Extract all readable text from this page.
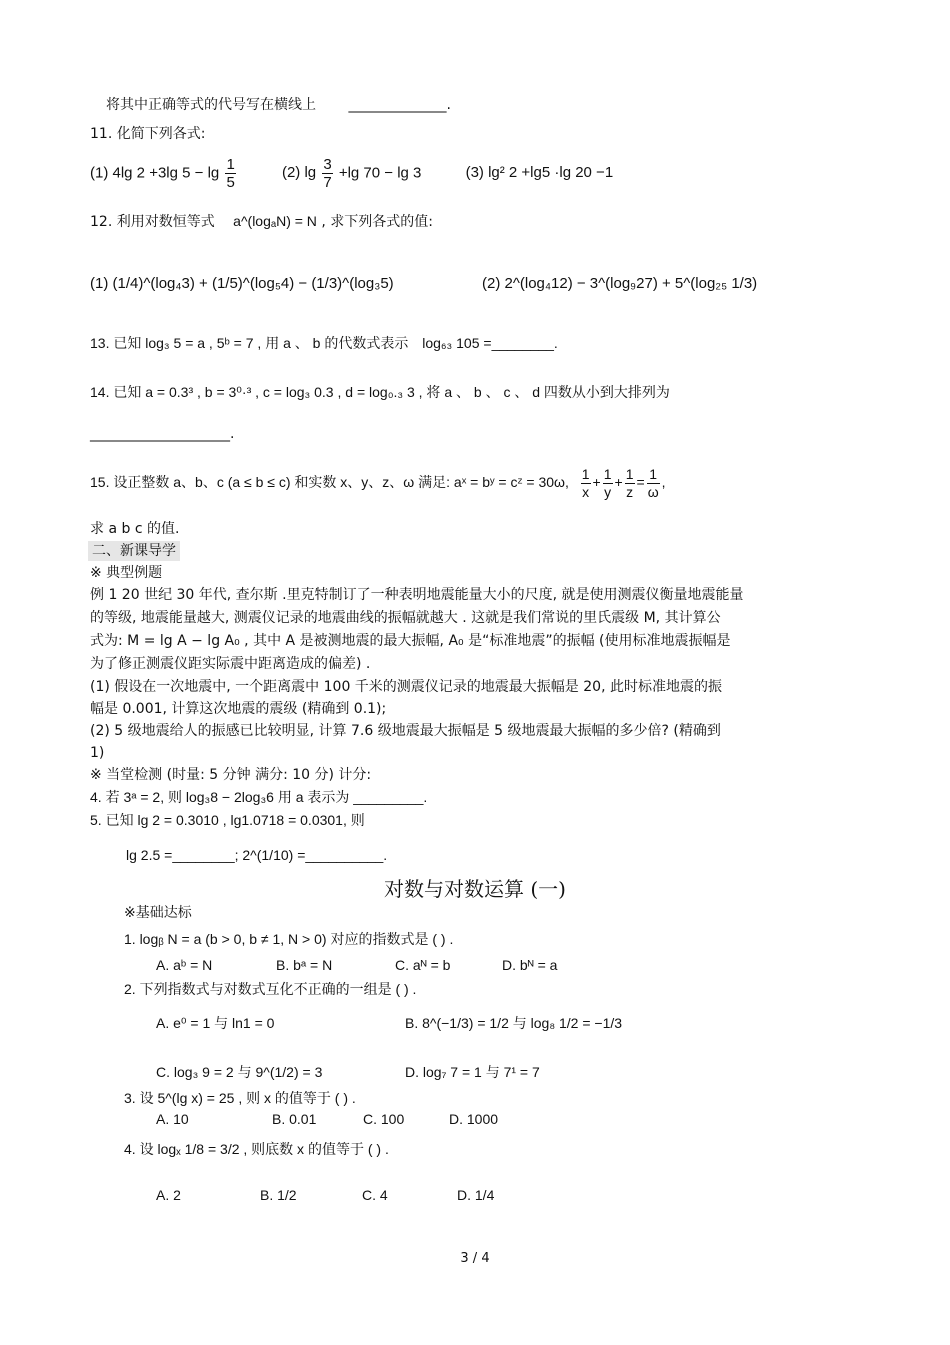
将其中正确等式的代号写在横线上 ______________.
11. 化简下列各式:
(1) 4lg 2 +3lg $5 - \lg \frac{1}{5}$	(2) $\lg \frac{3}{7} +\lg$ 70 − lg 3	(3) lg² 2 +lg5 ·lg 20 −1
12. 利用对数恒等式 a^(logₐN) = N , 求下列各式的值:
(1) (1/4)^(log₄3) + (1/5)^(log₅4) − (1/3)^(log₃5)	(2) 2^(log₄12) − 3^(log₉27) + 5^(log₂₅ 1/3)
13. 已知 log₃ 5 = a , 5ᵇ = 7 , 用 a 、 b 的代数式表示 log₆₃ 105 =________.
14. 已知 a = 0.3³ , b = 3⁰·³ , c = log₃ 0.3 , d = log₀.₃ 3 , 将 a 、 b 、 c 、 d 四数从小到大排列为
____________________.
15. 设正整数 a、b、c (a ≤ b ≤ c) 和实数 x、y、z、ω 满足: aˣ = bʸ = cᶻ = 30ω, $\frac{1}{x} + \frac{1}{y} + \frac{1}{z} = \frac{1}{\omega}$ ,
求 a b c 的值.
二、新课导学
※ 典型例题
例 1 20 世纪 30 年代, 查尔斯 .里克特制订了一种表明地震能量大小的尺度, 就是使用测震仪衡量地震能量
的等级, 地震能量越大, 测震仪记录的地震曲线的振幅就越大 . 这就是我们常说的里氏震级 M, 其计算公
式为: M = lg A − lg A₀ , 其中 A 是被测地震的最大振幅, A₀ 是“标准地震”的振幅 (使用标准地震振幅是
为了修正测震仪距实际震中距离造成的偏差) .
(1) 假设在一次地震中, 一个距离震中 100 千米的测震仪记录的地震最大振幅是 20, 此时标准地震的振
幅是 0.001, 计算这次地震的震级 (精确到 0.1);
(2) 5 级地震给人的振感已比较明显, 计算 7.6 级地震最大振幅是 5 级地震最大振幅的多少倍? (精确到
1)
※ 当堂检测 (时量: 5 分钟 满分: 10 分) 计分:
4. 若 3ᵃ = 2, 则 log₃8 − 2log₃6 用 a 表示为 _________.
5. 已知 lg 2 = 0.3010 , lg1.0718 = 0.0301, 则
lg 2.5 =________; 2^(1/10) =__________.
对数与对数运算 (一)
※基础达标
1. logᵦ N = a (b > 0, b ≠ 1, N > 0) 对应的指数式是 ( ) .
A. aᵇ = N	B. bᵃ = N	C. aᴺ = b	D. bᴺ = a
2. 下列指数式与对数式互化不正确的一组是 ( ) .
A. e⁰ = 1 与 ln1 = 0	B. 8^(−1/3) = 1/2 与 log₈ 1/2 = −1/3
C. log₃ 9 = 2 与 9^(1/2) = 3	D. log₇ 7 = 1 与 7¹ = 7
3. 设 5^(lg x) = 25 , 则 x 的值等于 ( ) .
A. 10	B. 0.01	C. 100	D. 1000
4. 设 logₓ 1/8 = 3/2 , 则底数 x 的值等于 ( ) .
A. 2	B. 1/2	C. 4	D. 1/4
3 / 4
